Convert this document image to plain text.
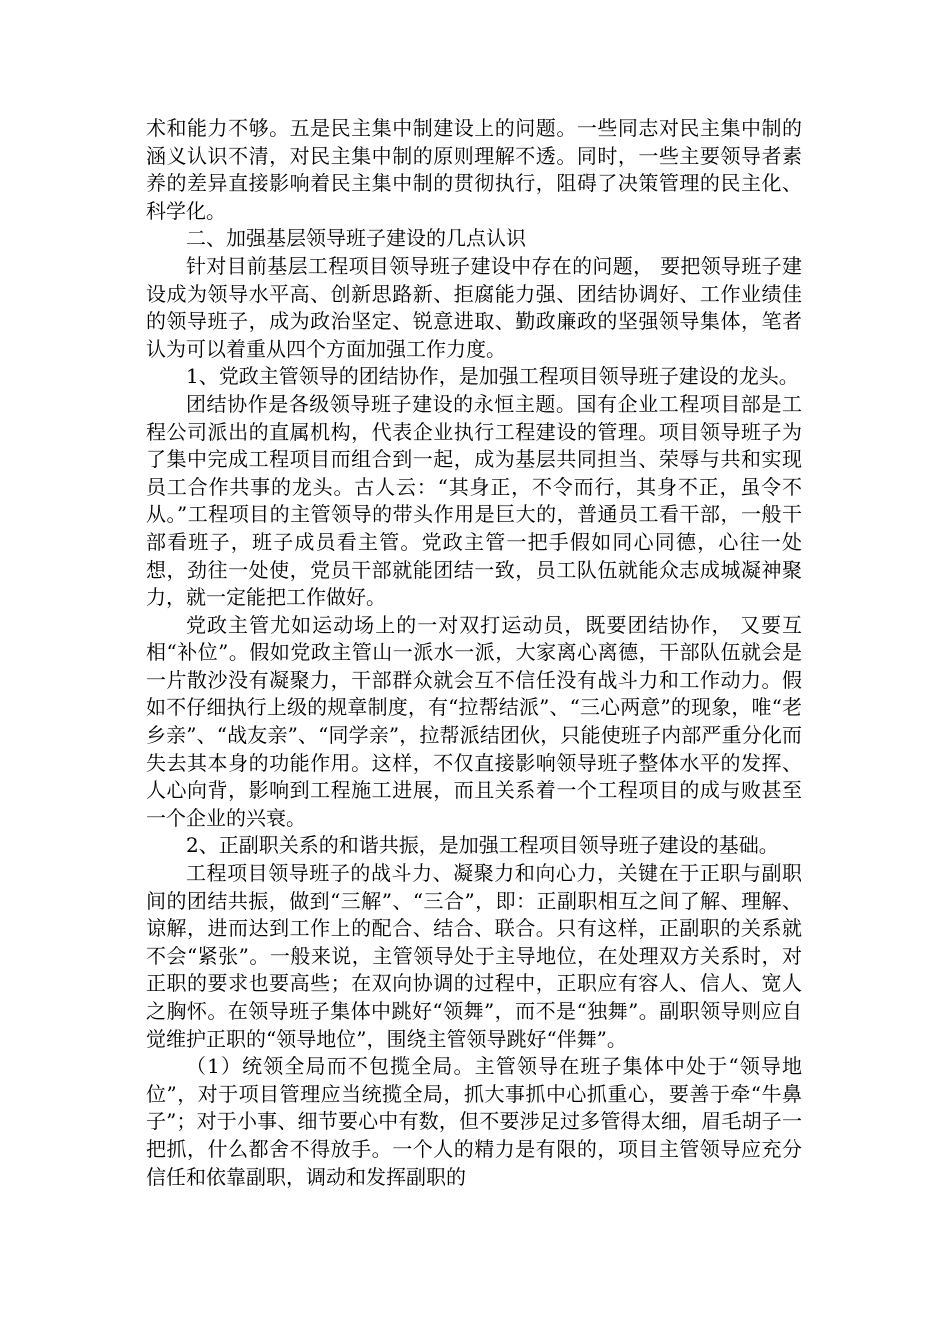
术和能力不够。五是民主集中制建设上的问题。一些同志对民主集中制的涵义认识不清，对民主集中制的原则理解不透。同时，一些主要领导者素养的差异直接影响着民主集中制的贯彻执行，阻碍了决策管理的民主化、科学化。

二、加强基层领导班子建设的几点认识

针对目前基层工程项目领导班子建设中存在的问题， 要把领导班子建设成为领导水平高、创新思路新、拒腐能力强、团结协调好、工作业绩佳的领导班子，成为政治坚定、锐意进取、勤政廉政的坚强领导集体，笔者认为可以着重从四个方面加强工作力度。

1、党政主管领导的团结协作，是加强工程项目领导班子建设的龙头。

团结协作是各级领导班子建设的永恒主题。国有企业工程项目部是工程公司派出的直属机构，代表企业执行工程建设的管理。项目领导班子为了集中完成工程项目而组合到一起，成为基层共同担当、荣辱与共和实现员工合作共事的龙头。古人云：“其身正，不令而行，其身不正，虽令不从。”工程项目的主管领导的带头作用是巨大的，普通员工看干部，一般干部看班子，班子成员看主管。党政主管一把手假如同心同德，心往一处想，劲往一处使，党员干部就能团结一致，员工队伍就能众志成城凝神聚力，就一定能把工作做好。

党政主管尤如运动场上的一对双打运动员，既要团结协作， 又要互相“补位”。假如党政主管山一派水一派，大家离心离德，干部队伍就会是一片散沙没有凝聚力，干部群众就会互不信任没有战斗力和工作动力。假如不仔细执行上级的规章制度，有“拉帮结派”、“三心两意”的现象，唯“老乡亲”、“战友亲”、“同学亲”，拉帮派结团伙，只能使班子内部严重分化而失去其本身的功能作用。这样，不仅直接影响领导班子整体水平的发挥、人心向背，影响到工程施工进展，而且关系着一个工程项目的成与败甚至一个企业的兴衰。

2、正副职关系的和谐共振，是加强工程项目领导班子建设的基础。

工程项目领导班子的战斗力、凝聚力和向心力，关键在于正职与副职间的团结共振，做到“三解”、“三合”，即：正副职相互之间了解、理解、谅解，进而达到工作上的配合、结合、联合。只有这样，正副职的关系就不会“紧张”。一般来说，主管领导处于主导地位，在处理双方关系时，对正职的要求也要高些；在双向协调的过程中，正职应有容人、信人、宽人之胸怀。在领导班子集体中跳好“领舞”，而不是“独舞”。副职领导则应自觉维护正职的“领导地位”，围绕主管领导跳好“伴舞”。

（1）统领全局而不包揽全局。主管领导在班子集体中处于“领导地位”，对于项目管理应当统揽全局，抓大事抓中心抓重心，要善于牵“牛鼻子”；对于小事、细节要心中有数，但不要涉足过多管得太细，眉毛胡子一把抓，什么都舍不得放手。一个人的精力是有限的，项目主管领导应充分信任和依靠副职，调动和发挥副职的
